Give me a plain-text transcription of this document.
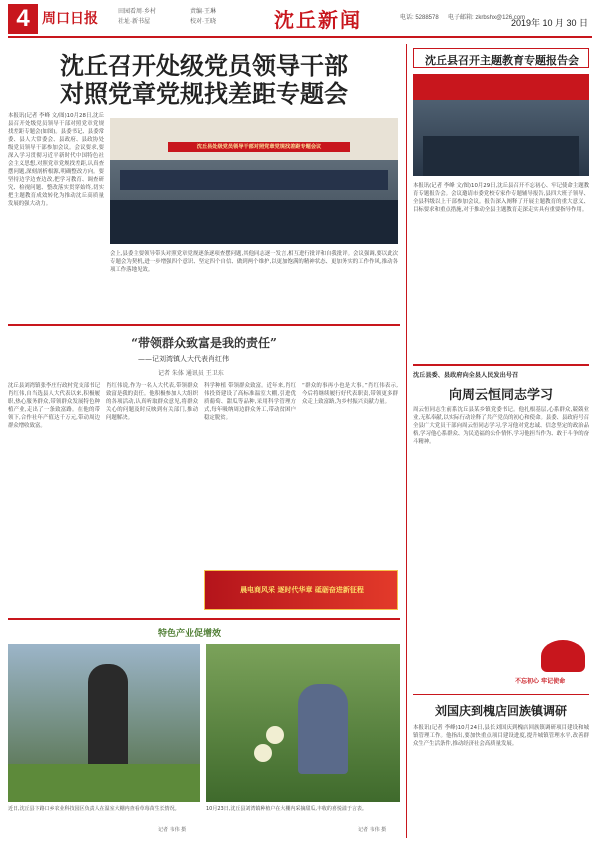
4 周口日报	田园看周·乡村
社址·新书屋
责编·王琳
校对·王晓	沈丘新闻	电话: 5288578 电子邮箱: zkrbshx@126.com
2019年 10 月 30 日
沈丘召开处级党员领导干部
对照党章党规找差距专题会
本报讯(记者 李峰 文/图)10月28日,沈丘县召开处级党员领导干部对照党章党规找差距专题会(如图)。县委书记、县委常委、县人大常委会、县政府、县政协处级党员领导干部参加会议。会议要求,要深入学习贯彻习近平新时代中国特色社会主义思想,对照党章党规找差距,认真查摆问题,深刻剖析根源,明确整改方向。要坚持边学边查边改,把学习教育、调查研究、检视问题、整改落实贯穿始终,切实把主题教育成效转化为推动沈丘高质量发展的强大动力。
沈丘县处级党员领导干部对照党章党规找差距专题会议
会上,县委主要领导带头对照党章党规逐条逐项查摆问题,其他同志逐一发言,相互进行批评和自我批评。会议强调,要以此次专题会为契机,进一步增强四个意识、坚定四个自信、做到两个维护,以更加饱满的精神状态、更加务实的工作作风,推动各项工作落地见效。
“带领群众致富是我的责任”
——记刘湾镇人大代表肖红伟
记者 朱体 通讯员 王卫东
沈丘县刘湾镇张李庄行政村党支部书记肖红伟,自当选县人大代表以来,积极履职,热心服务群众,带领群众发展特色种植产业,走出了一条致富路。在他的带领下,合作社年产值达千万元,带动周边群众增收致富。
肖红伟说,作为一名人大代表,带领群众致富是我的责任。他积极参加人大组织的各项活动,认真听取群众意见,将群众关心的问题及时反映到有关部门,推动问题解决。
科学种植 带领群众致富。近年来,肖红伟投资建设了高标准温室大棚,引进优质葡萄、甜瓜等品种,采用科学管理方式,每年吸纳周边群众务工,带动贫困户稳定脱贫。
“群众的事再小也是大事。”肖红伟表示,今后将继续履行好代表职责,带领更多群众走上致富路,为乡村振兴贡献力量。
晨电商风采 逐时代华章 砥砺奋进新征程
特色产业促增效
近日,沈丘县卞路口乡农业科技园区负责人在温室大棚内查看草莓苗生长情况。	10月23日,沈丘县刘湾镇种植户在大棚内采摘甜瓜,丰收的喜悦溢于言表。
记者 韦伟 摄	记者 韦伟 摄
沈丘县召开主题教育专题报告会
本报讯(记者 李峰 文/图)10月29日,沈丘县召开不忘初心、牢记使命主题教育专题报告会。会议邀请市委党校专家作专题辅导报告,县四大班子领导、全县科级以上干部参加会议。报告深入阐释了开展主题教育的重大意义、目标要求和重点措施,对于推动全县主题教育走深走实具有重要指导作用。
沈丘县委、县政府向全县人民发出号召
向周云恒同志学习
周云恒同志生前系沈丘县某乡镇党委书记。他扎根基层,心系群众,兢兢业业,无私奉献,以实际行动诠释了共产党员的初心和使命。县委、县政府号召全县广大党员干部向周云恒同志学习,学习他对党忠诚、信念坚定的政治品格,学习他心系群众、为民造福的公仆情怀,学习他担当作为、敢于斗争的奋斗精神。
不忘初心 牢记使命
刘国庆到槐店回族镇调研
本报讯(记者 李峰)10月24日,县长刘国庆到槐店回族镇调研项目建设和城镇管理工作。他指出,要加快重点项目建设进度,提升城镇管理水平,改善群众生产生活条件,推动经济社会高质量发展。
